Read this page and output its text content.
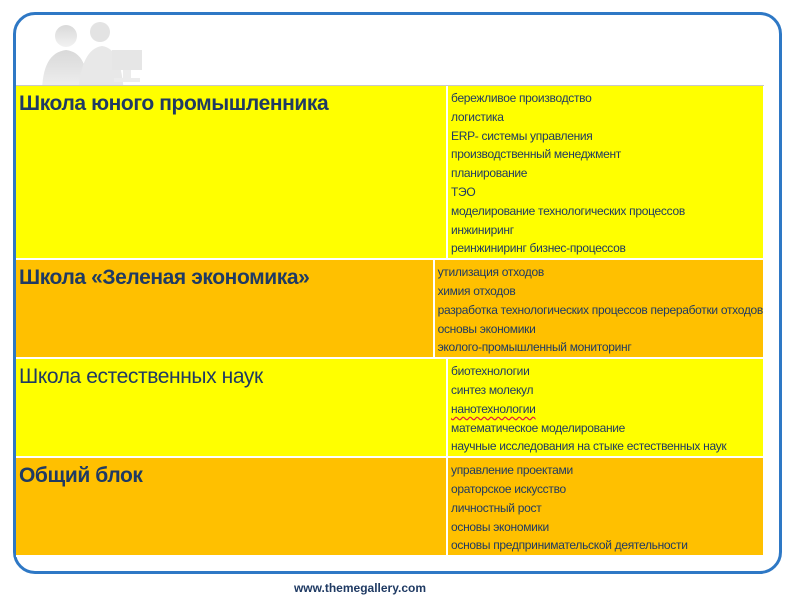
Школа юного промышленника	бережливое производство
логистика
ERP- системы управления
производственный менеджмент
планирование
ТЭО
моделирование технологических процессов
инжиниринг
реинжиниринг бизнес-процессов
Школа «Зеленая экономика»	утилизация отходов
химия отходов
разработка технологических процессов переработки отходов
основы экономики
эколого-промышленный мониторинг
Школа естественных наук	биотехнологии
синтез молекул
нанотехнологии
математическое моделирование
научные исследования на стыке естественных наук
Общий блок	управление проектами
ораторское искусство
личностный рост
основы экономики
основы предпринимательской деятельности
www.themegallery.com
